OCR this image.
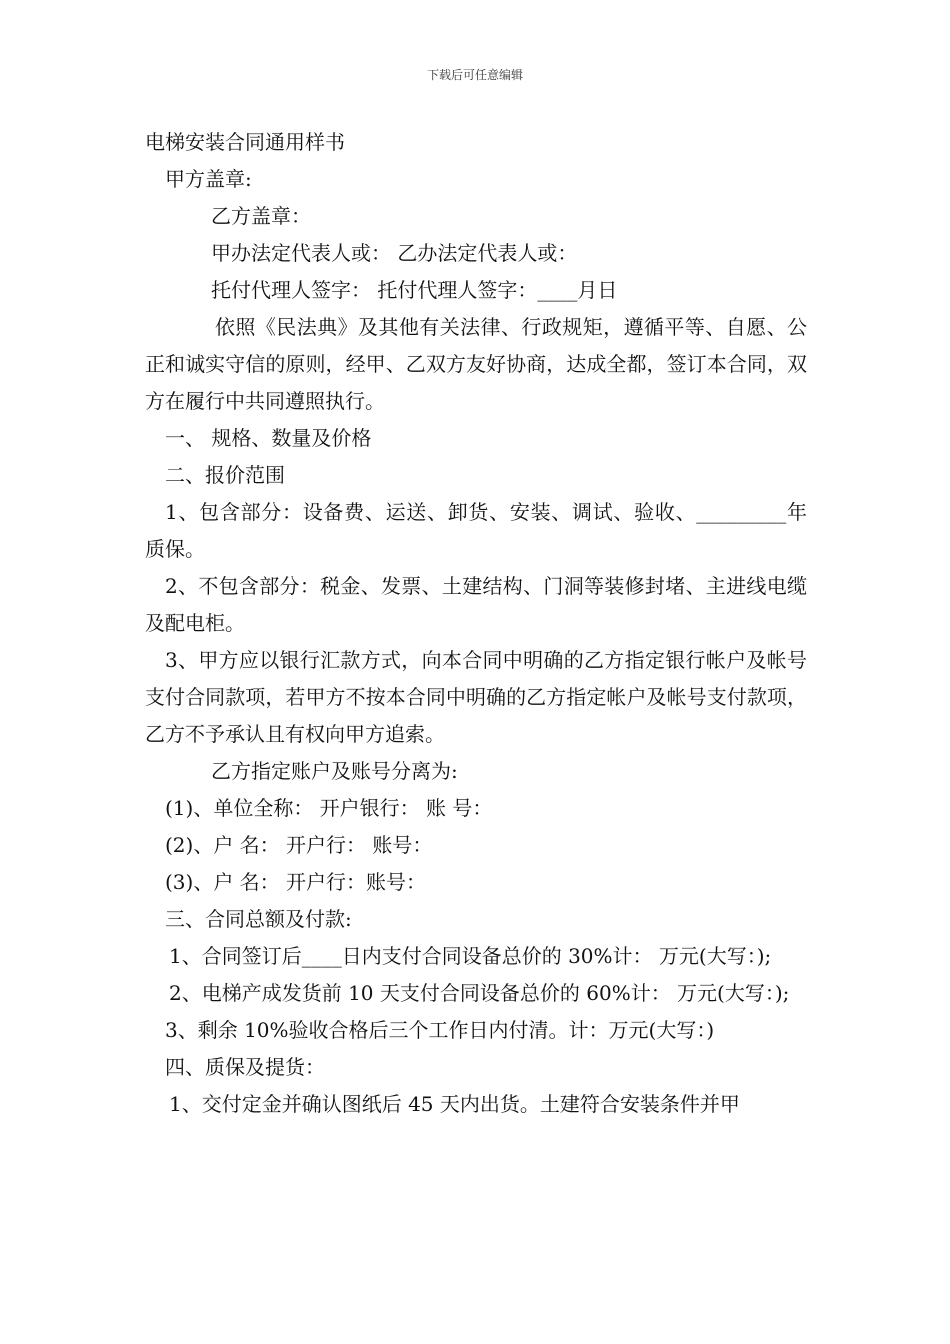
下载后可任意编辑

电梯安装合同通用样书

甲方盖章:

乙方盖章：

甲办法定代表人或： 乙办法定代表人或：

托付代理人签字： 托付代理人签字：____月日

依照《民法典》及其他有关法律、行政规矩，遵循平等、自愿、公正和诚实守信的原则，经甲、乙双方友好协商，达成全都，签订本合同，双方在履行中共同遵照执行。

一、 规格、数量及价格

二、报价范围

1、包含部分：设备费、运送、卸货、安装、调试、验收、_________年质保。

2、不包含部分：税金、发票、土建结构、门洞等装修封堵、主进线电缆及配电柜。

3、甲方应以银行汇款方式，向本合同中明确的乙方指定银行帐户及帐号支付合同款项，若甲方不按本合同中明确的乙方指定帐户及帐号支付款项，乙方不予承认且有权向甲方追索。

乙方指定账户及账号分离为:

(1)、单位全称： 开户银行： 账 号：

(2)、户 名： 开户行： 账号：

(3)、户 名： 开户行：账号：

三、合同总额及付款:

1、合同签订后____日内支付合同设备总价的 30%计： 万元(大写：);

2、电梯产成发货前 10 天支付合同设备总价的 60%计： 万元(大写：);

3、剩余 10%验收合格后三个工作日内付清。计：万元(大写：)

四、质保及提货：

1、交付定金并确认图纸后 45 天内出货。土建符合安装条件并甲
